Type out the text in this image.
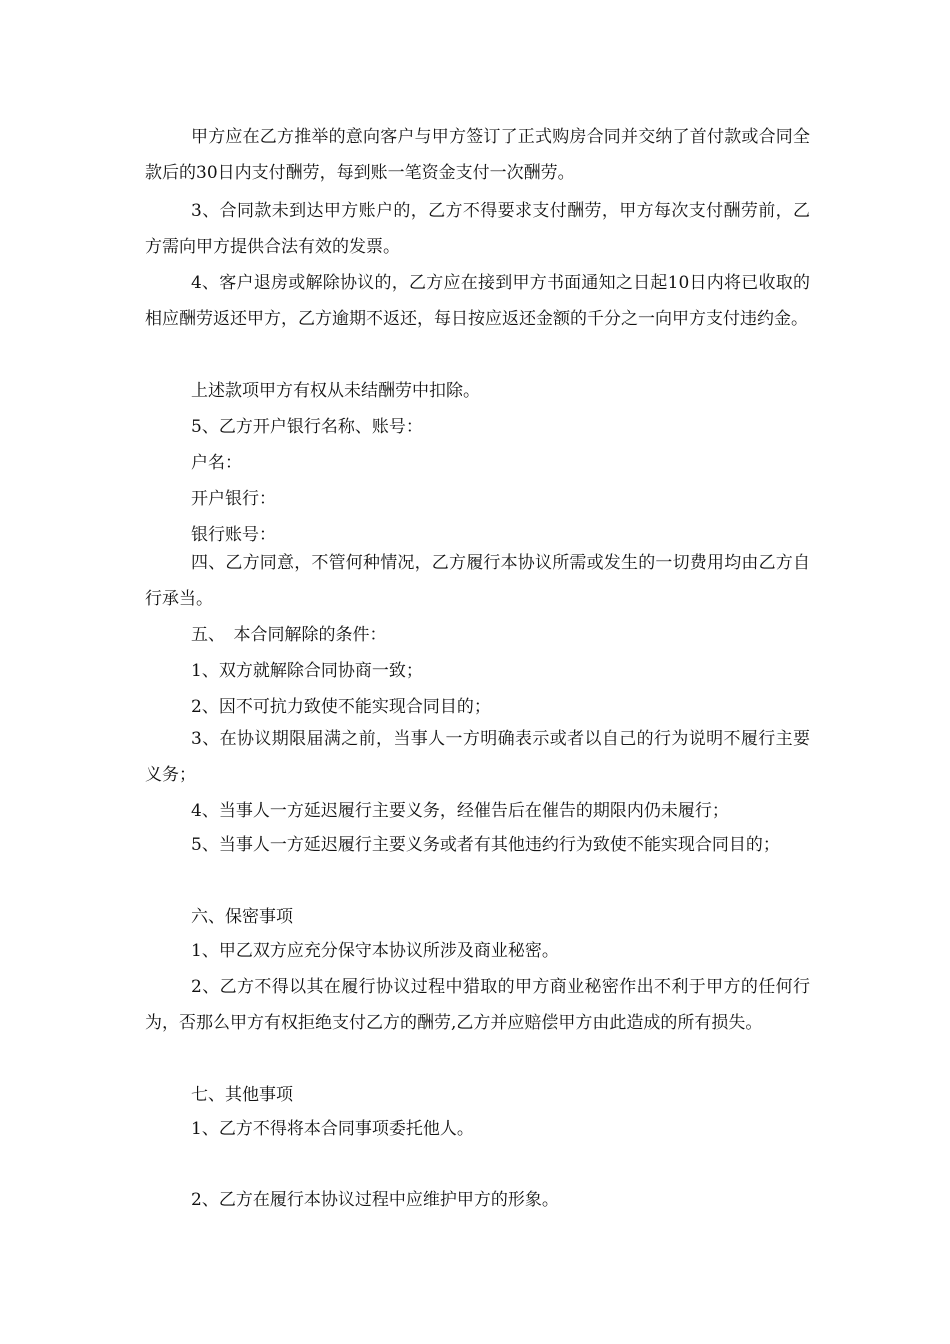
甲方应在乙方推举的意向客户与甲方签订了正式购房合同并交纳了首付款或合同全款后的30日内支付酬劳，每到账一笔资金支付一次酬劳。

3、合同款未到达甲方账户的，乙方不得要求支付酬劳，甲方每次支付酬劳前，乙方需向甲方提供合法有效的发票。

4、客户退房或解除协议的，乙方应在接到甲方书面通知之日起10日内将已收取的相应酬劳返还甲方，乙方逾期不返还，每日按应返还金额的千分之一向甲方支付违约金。

上述款项甲方有权从未结酬劳中扣除。

5、乙方开户银行名称、账号：

户名：

开户银行：

银行账号：

四、乙方同意，不管何种情况，乙方履行本协议所需或发生的一切费用均由乙方自行承当。

五、　本合同解除的条件：

1、双方就解除合同协商一致；

2、因不可抗力致使不能实现合同目的；

3、在协议期限届满之前，当事人一方明确表示或者以自己的行为说明不履行主要义务；

4、当事人一方延迟履行主要义务，经催告后在催告的期限内仍未履行；

5、当事人一方延迟履行主要义务或者有其他违约行为致使不能实现合同目的；

六、保密事项

1、甲乙双方应充分保守本协议所涉及商业秘密。

2、乙方不得以其在履行协议过程中猎取的甲方商业秘密作出不利于甲方的任何行为，否那么甲方有权拒绝支付乙方的酬劳,乙方并应赔偿甲方由此造成的所有损失。

七、其他事项

1、乙方不得将本合同事项委托他人。

2、乙方在履行本协议过程中应维护甲方的形象。
